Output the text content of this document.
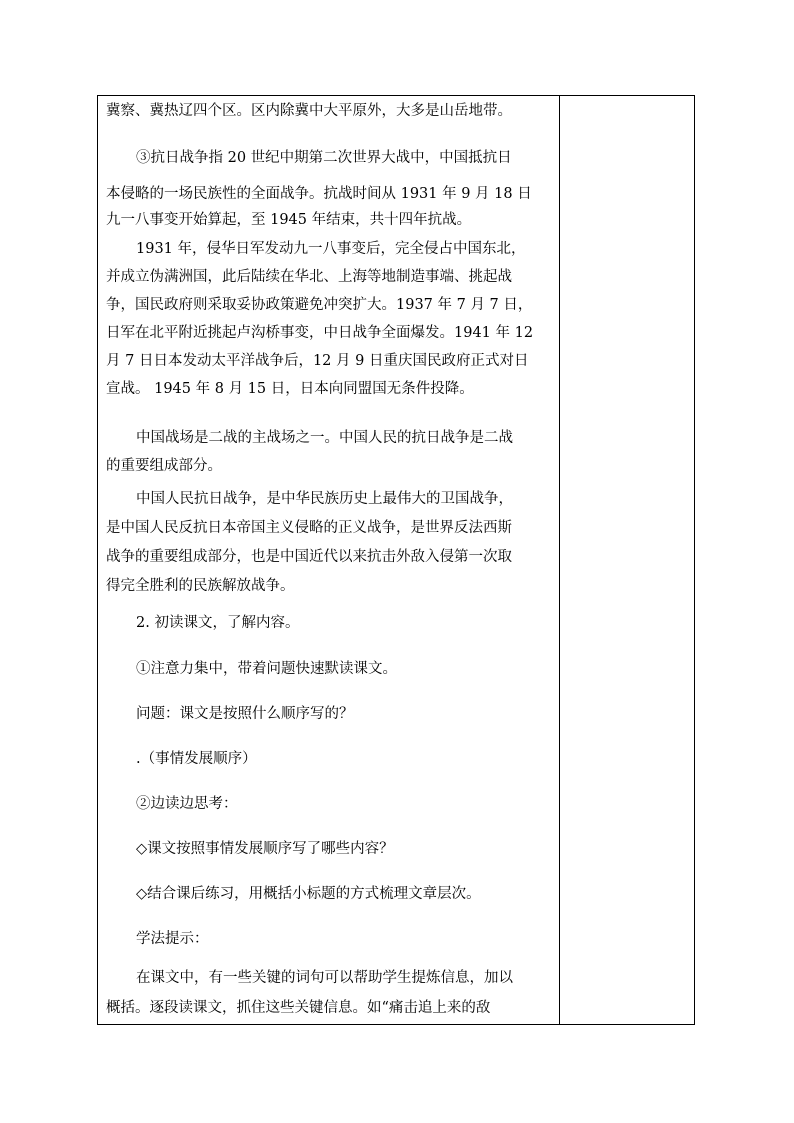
冀察、冀热辽四个区。区内除冀中大平原外，大多是山岳地带。
③抗日战争指 20 世纪中期第二次世界大战中，中国抵抗日
本侵略的一场民族性的全面战争。抗战时间从 1931 年 9 月 18 日
九一八事变开始算起，至 1945 年结束，共十四年抗战。
1931 年，侵华日军发动九一八事变后，完全侵占中国东北，
并成立伪满洲国，此后陆续在华北、上海等地制造事端、挑起战
争，国民政府则采取妥协政策避免冲突扩大。1937 年 7 月 7 日，
日军在北平附近挑起卢沟桥事变，中日战争全面爆发。1941 年 12
月 7 日日本发动太平洋战争后，12 月 9 日重庆国民政府正式对日
宣战。 1945 年 8 月 15 日，日本向同盟国无条件投降。
中国战场是二战的主战场之一。中国人民的抗日战争是二战
的重要组成部分。
中国人民抗日战争，是中华民族历史上最伟大的卫国战争，
是中国人民反抗日本帝国主义侵略的正义战争，是世界反法西斯
战争的重要组成部分，也是中国近代以来抗击外敌入侵第一次取
得完全胜利的民族解放战争。
2. 初读课文，了解内容。
①注意力集中，带着问题快速默读课文。
问题：课文是按照什么顺序写的？
.（事情发展顺序）
②边读边思考：
◇课文按照事情发展顺序写了哪些内容？
◇结合课后练习，用概括小标题的方式梳理文章层次。
学法提示：
在课文中，有一些关键的词句可以帮助学生提炼信息，加以
概括。逐段读课文，抓住这些关键信息。如“痛击追上来的敌
